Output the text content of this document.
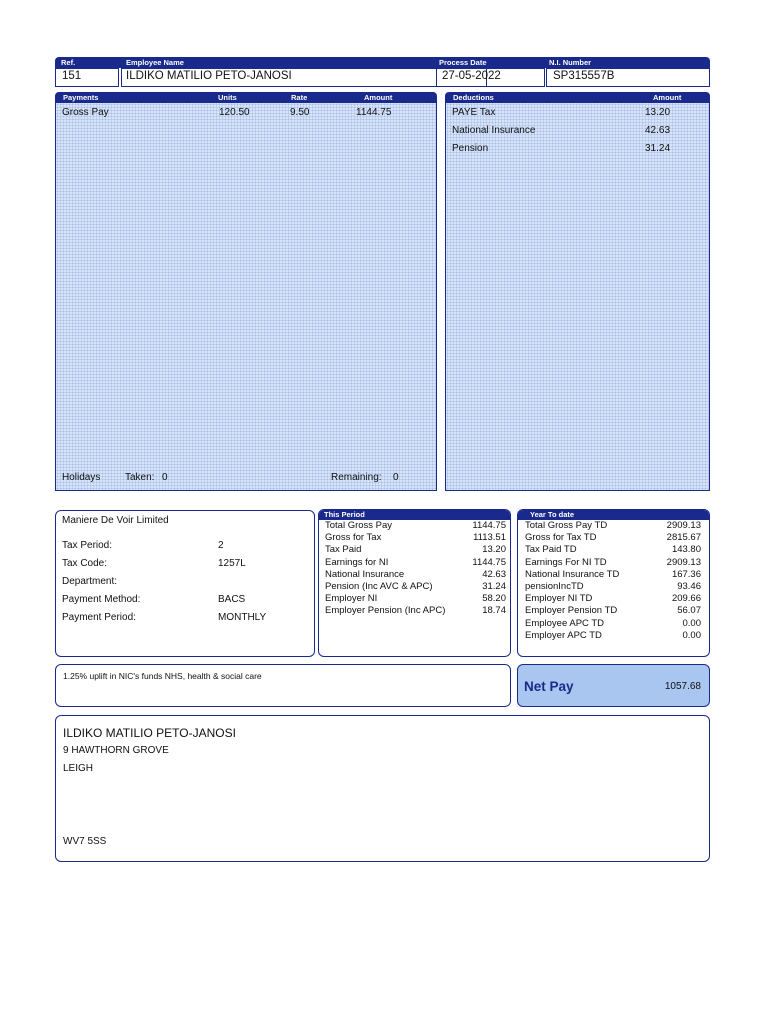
Ref.	Employee Name	Process Date	N.I. Number
151	ILDIKO MATILIO PETO-JANOSI	27-05-2022	SP315557B
Payments	Units	Rate	Amount
Gross Pay	120.50	9.50	1144.75
Holidays Taken: 0	Remaining: 0
Deductions	Amount
PAYE Tax	13.20
National Insurance	42.63
Pension	31.24
Maniere De Voir Limited
Tax Period:	2
Tax Code:	1257L
Department:
Payment Method:	BACS
Payment Period:	MONTHLY
This Period
Total Gross Pay	1144.75
Gross for Tax	1113.51
Tax Paid	13.20
Earnings for NI	1144.75
National Insurance	42.63
Pension (Inc AVC & APC)	31.24
Employer NI	58.20
Employer Pension (Inc APC)	18.74
Year To date
Total Gross Pay TD	2909.13
Gross for Tax TD	2815.67
Tax Paid TD	143.80
Earnings For NI TD	2909.13
National Insurance TD	167.36
pensionIncTD	93.46
Employer NI TD	209.66
Employer Pension TD	56.07
Employee APC TD	0.00
Employer APC TD	0.00
1.25% uplift in NIC's funds NHS, health & social care
Net Pay	1057.68
ILDIKO MATILIO PETO-JANOSI
9 HAWTHORN GROVE
LEIGH
WV7 5SS
